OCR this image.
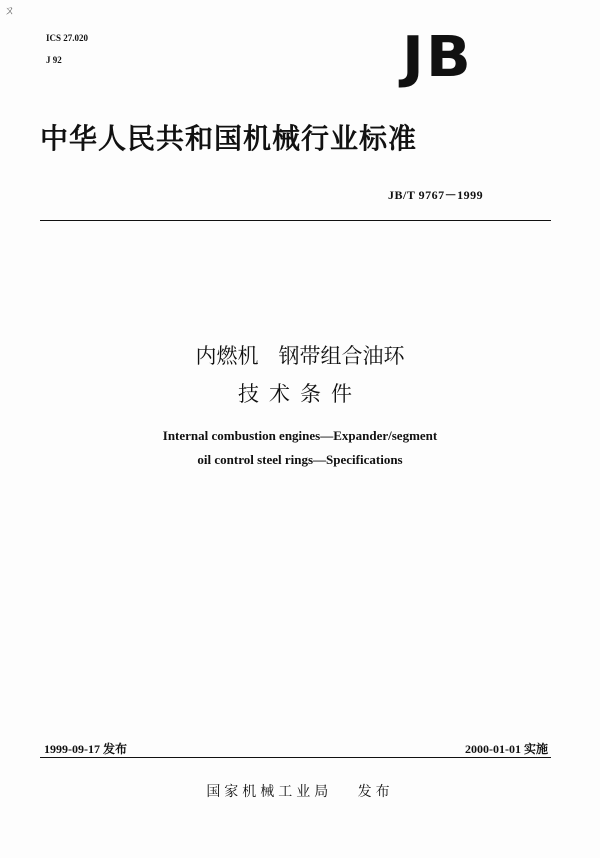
ㄡ
ICS 27.020
J 92	JB
中华人民共和国机械行业标准
JB/T 9767－1999
内燃机   钢带组合油环
技术条件
Internal combustion engines—Expander/segment
oil control steel rings—Specifications
1999-09-17 发布	2000-01-01 实施
国家机械工业局   发布
